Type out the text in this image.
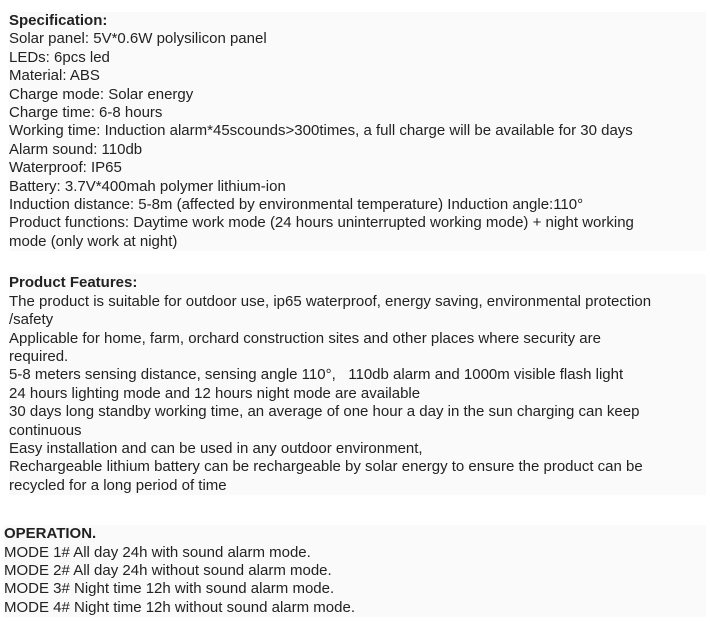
Specification:
Solar panel: 5V*0.6W polysilicon panel
LEDs: 6pcs led
Material: ABS
Charge mode: Solar energy
Charge time: 6-8 hours
Working time: Induction alarm*45scounds>300times, a full charge will be available for 30 days
Alarm sound: 110db
Waterproof: IP65
Battery: 3.7V*400mah polymer lithium-ion
Induction distance: 5-8m (affected by environmental temperature) Induction angle:110°
Product functions: Daytime work mode (24 hours uninterrupted working mode) + night working
mode (only work at night)
Product Features:
The product is suitable for outdoor use, ip65 waterproof, energy saving, environmental protection
/safety
Applicable for home, farm, orchard construction sites and other places where security are
required.
5-8 meters sensing distance, sensing angle 110°,   110db alarm and 1000m visible flash light
24 hours lighting mode and 12 hours night mode are available
30 days long standby working time, an average of one hour a day in the sun charging can keep
continuous
Easy installation and can be used in any outdoor environment,
Rechargeable lithium battery can be rechargeable by solar energy to ensure the product can be
recycled for a long period of time
OPERATION.
MODE 1# All day 24h with sound alarm mode.
MODE 2# All day 24h without sound alarm mode.
MODE 3# Night time 12h with sound alarm mode.
MODE 4# Night time 12h without sound alarm mode.
